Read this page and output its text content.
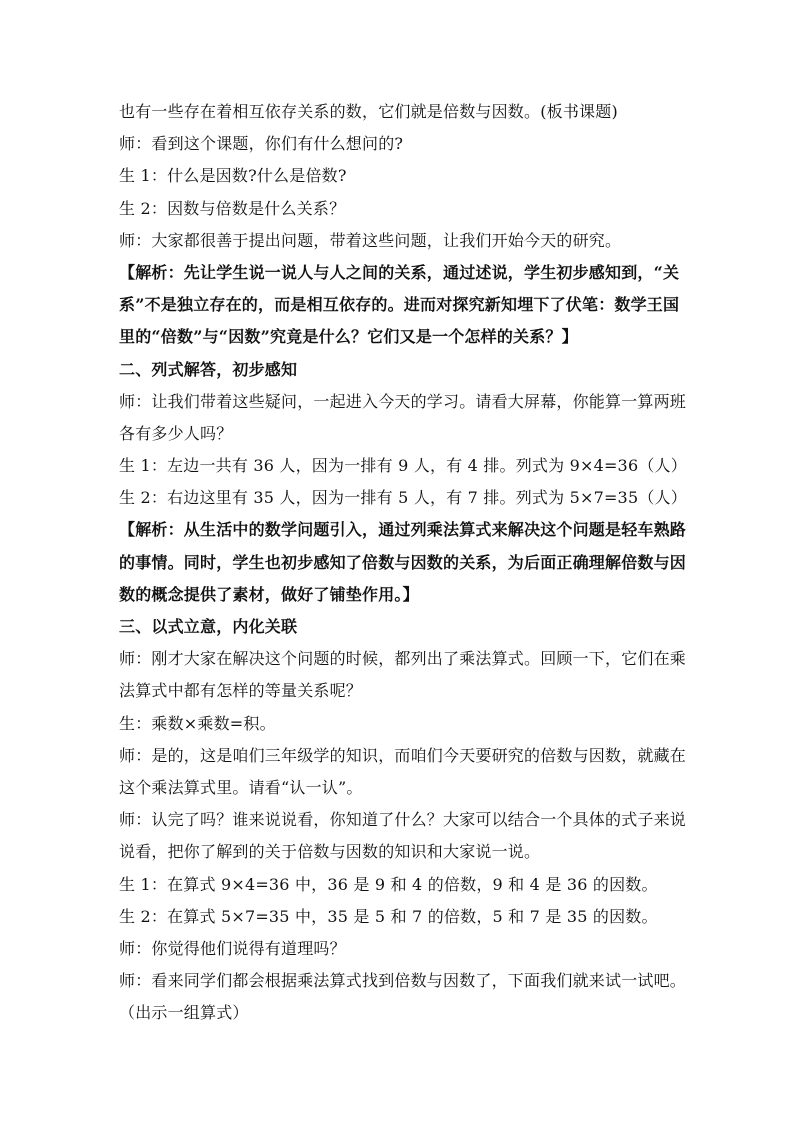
也有一些存在着相互依存关系的数，它们就是倍数与因数。(板书课题)
师：看到这个课题，你们有什么想问的?
生 1：什么是因数?什么是倍数?
生 2：因数与倍数是什么关系？
师：大家都很善于提出问题，带着这些问题，让我们开始今天的研究。
【解析：先让学生说一说人与人之间的关系，通过述说，学生初步感知到，“关
系”不是独立存在的，而是相互依存的。进而对探究新知埋下了伏笔：数学王国
里的“倍数”与“因数”究竟是什么？它们又是一个怎样的关系？】
二、列式解答，初步感知
师：让我们带着这些疑问，一起进入今天的学习。请看大屏幕，你能算一算两班
各有多少人吗？
生 1：左边一共有 36 人，因为一排有 9 人，有 4 排。列式为 9×4=36（人）
生 2：右边这里有 35 人，因为一排有 5 人，有 7 排。列式为 5×7=35（人）
【解析：从生活中的数学问题引入，通过列乘法算式来解决这个问题是轻车熟路
的事情。同时，学生也初步感知了倍数与因数的关系，为后面正确理解倍数与因
数的概念提供了素材，做好了铺垫作用。】
三、以式立意，内化关联
师：刚才大家在解决这个问题的时候，都列出了乘法算式。回顾一下，它们在乘
法算式中都有怎样的等量关系呢？
生：乘数×乘数=积。
师：是的，这是咱们三年级学的知识，而咱们今天要研究的倍数与因数，就藏在
这个乘法算式里。请看“认一认”。
师：认完了吗？谁来说说看，你知道了什么？大家可以结合一个具体的式子来说
说看，把你了解到的关于倍数与因数的知识和大家说一说。
生 1：在算式 9×4=36 中，36 是 9 和 4 的倍数，9 和 4 是 36 的因数。
生 2：在算式 5×7=35 中，35 是 5 和 7 的倍数，5 和 7 是 35 的因数。
师：你觉得他们说得有道理吗？
师：看来同学们都会根据乘法算式找到倍数与因数了，下面我们就来试一试吧。
（出示一组算式）
